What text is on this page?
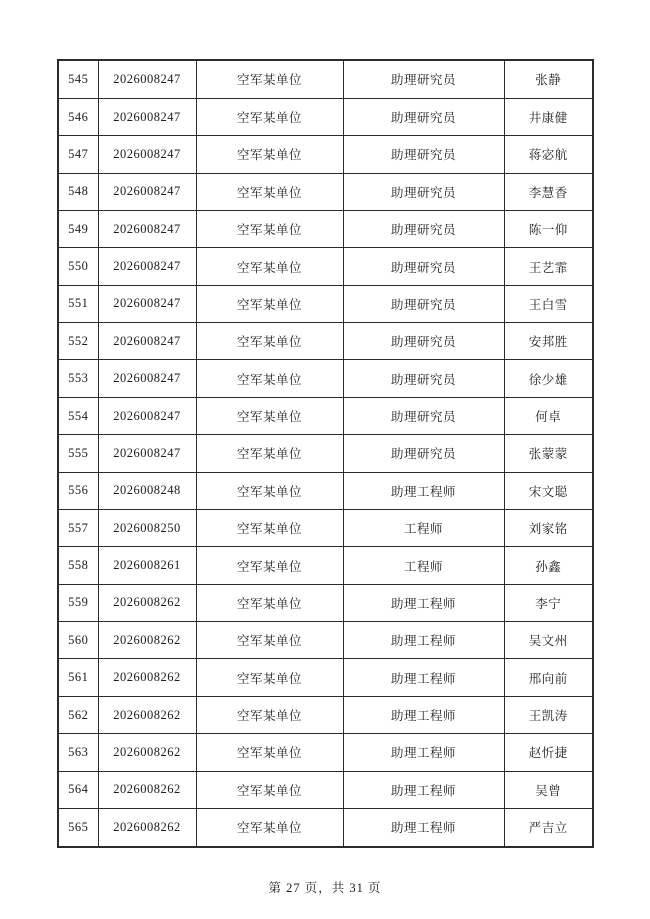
545	2026008247	空军某单位	助理研究员	张静
546	2026008247	空军某单位	助理研究员	井康健
547	2026008247	空军某单位	助理研究员	蒋宓航
548	2026008247	空军某单位	助理研究员	李慧香
549	2026008247	空军某单位	助理研究员	陈一仰
550	2026008247	空军某单位	助理研究员	王艺霏
551	2026008247	空军某单位	助理研究员	王白雪
552	2026008247	空军某单位	助理研究员	安邦胜
553	2026008247	空军某单位	助理研究员	徐少雄
554	2026008247	空军某单位	助理研究员	何卓
555	2026008247	空军某单位	助理研究员	张蒙蒙
556	2026008248	空军某单位	助理工程师	宋文聪
557	2026008250	空军某单位	工程师	刘家铭
558	2026008261	空军某单位	工程师	孙鑫
559	2026008262	空军某单位	助理工程师	李宁
560	2026008262	空军某单位	助理工程师	吴文州
561	2026008262	空军某单位	助理工程师	邢向前
562	2026008262	空军某单位	助理工程师	王凯涛
563	2026008262	空军某单位	助理工程师	赵忻捷
564	2026008262	空军某单位	助理工程师	吴曾
565	2026008262	空军某单位	助理工程师	严吉立
第 27 页，共 31 页
